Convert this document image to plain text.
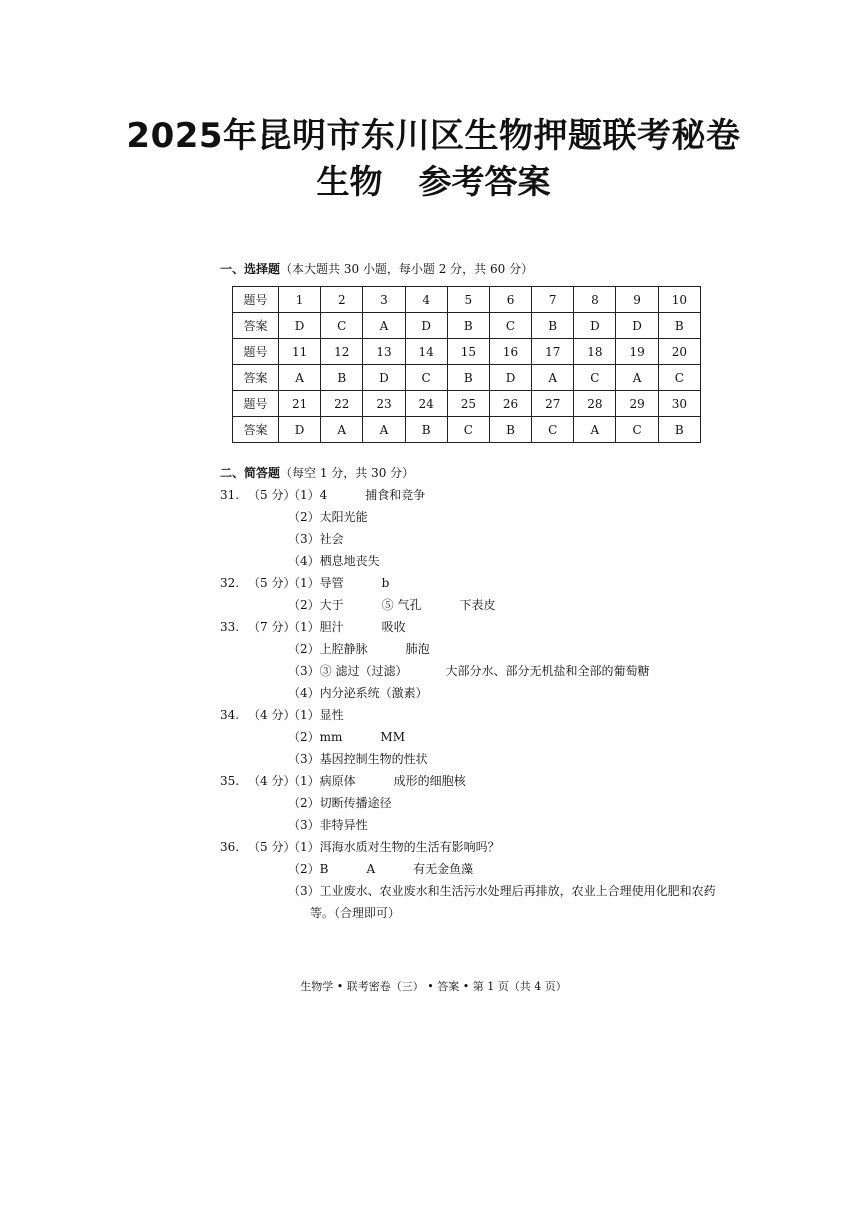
2025年昆明市东川区生物押题联考秘卷
生物 参考答案
一、选择题（本大题共 30 小题，每小题 2 分，共 60 分）
题号	1	2	3	4	5	6	7	8	9	10
答案	D	C	A	D	B	C	B	D	D	B
题号	11	12	13	14	15	16	17	18	19	20
答案	A	B	D	C	B	D	A	C	A	C
题号	21	22	23	24	25	26	27	28	29	30
答案	D	A	A	B	C	B	C	A	C	B
二、简答题（每空 1 分，共 30 分）
31. （5 分）（1）4	捕食和竞争
（2）太阳光能
（3）社会
（4）栖息地丧失
32. （5 分）（1）导管	b
（2）大于	⑤ 气孔	下表皮
33. （7 分）（1）胆汁	吸收
（2）上腔静脉	肺泡
（3）③ 滤过（过滤）	大部分水、部分无机盐和全部的葡萄糖
（4）内分泌系统（激素）
34. （4 分）（1）显性
（2）mm	MM
（3）基因控制生物的性状
35. （4 分）（1）病原体	成形的细胞核
（2）切断传播途径
（3）非特异性
36. （5 分）（1）洱海水质对生物的生活有影响吗？
（2）B	A	有无金鱼藻
（3）工业废水、农业废水和生活污水处理后再排放，农业上合理使用化肥和农药
等。（合理即可）
生物学 • 联考密卷（三） • 答案 • 第 1 页（共 4 页）
